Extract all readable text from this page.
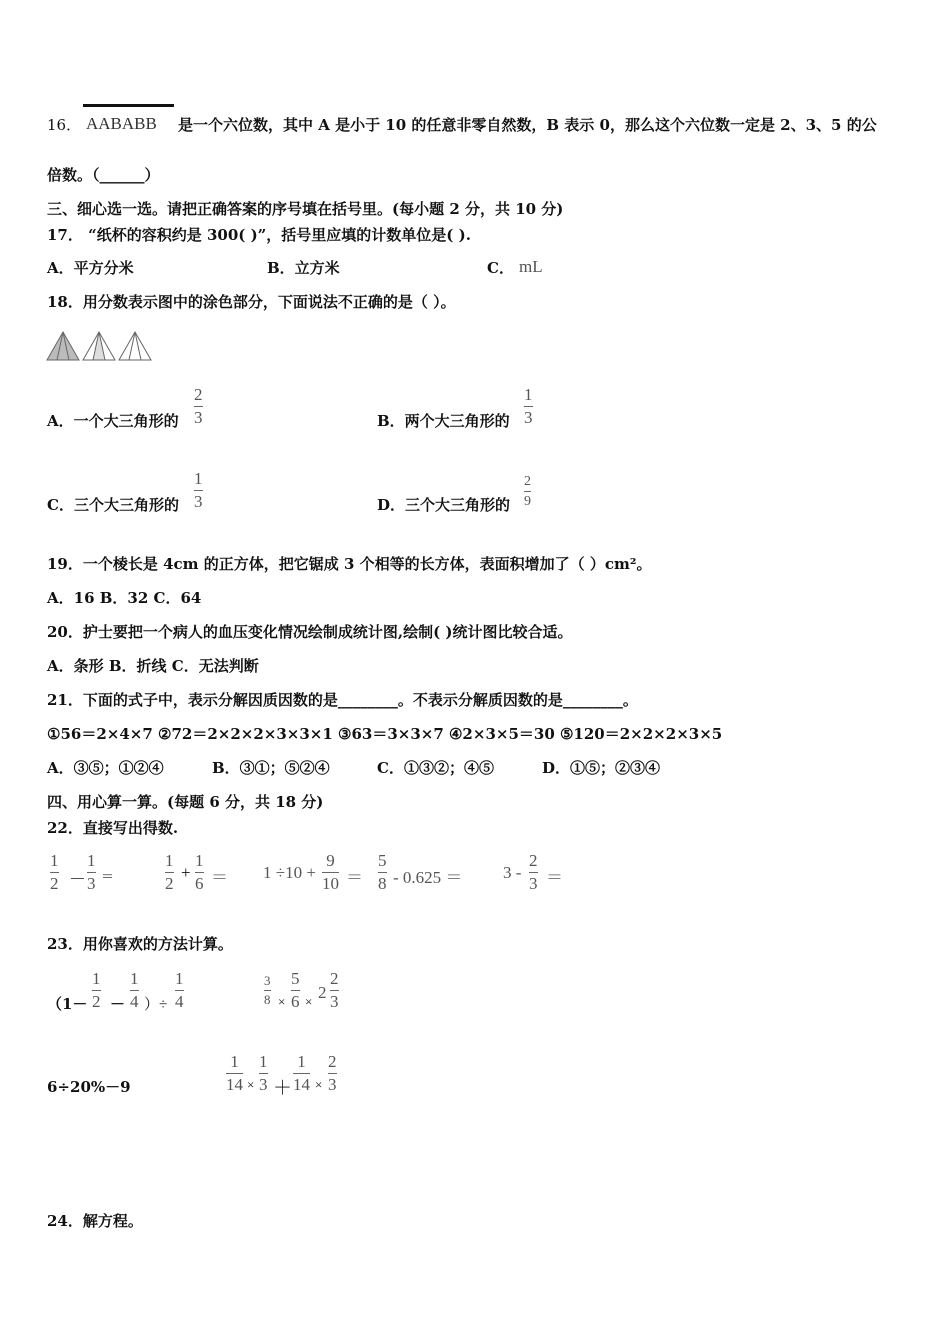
16． AABABB 是一个六位数，其中 A 是小于 10 的任意非零自然数，B 表示 0，那么这个六位数一定是 2、3、5 的公
倍数。（______）
三、细心选一选。请把正确答案的序号填在括号里。(每小题 2 分，共 10 分)
17． “纸杯的容积约是 300( )”，括号里应填的计数单位是( ).
A．平方分米	B．立方米	C． mL
18．用分数表示图中的涂色部分，下面说法不正确的是（ ）。
A．一个大三角形的
2
3	B．两个大三角形的
1
3
C．三个大三角形的
1
3	D．三个大三角形的
2
9
19．一个棱长是 4cm 的正方体，把它锯成 3 个相等的长方体，表面积增加了（ ）cm²。
A．16 B．32 C．64
20．护士要把一个病人的血压变化情况绘制成统计图,绘制( )统计图比较合适。
A．条形 B．折线 C．无法判断
21．下面的式子中，表示分解因质因数的是________。不表示分解质因数的是________。
①56＝2×4×7 ②72＝2×2×2×3×3×1 ③63＝3×3×7 ④2×3×5＝30 ⑤120＝2×2×2×3×5
A．③⑤；①②④	B．③①；⑤②④	C．①③②；④⑤	D．①⑤；②③④
四、用心算一算。(每题 6 分，共 18 分)
22．直接写出得数.
1
2 －
1
3 ＝
1
2
+
1
6 ＝ 1 ÷10 +
9
10 ＝
5
8 - 0.625 ＝ 3 -
2
3 ＝
23．用你喜欢的方法计算。
（1－
1
2 －
1
4 ）÷
1
4
3
8 ×
5
6 × 2
2
3
6÷20%－9
1
14 ×
1
3 ＋
1
14 ×
2
3
24．解方程。
